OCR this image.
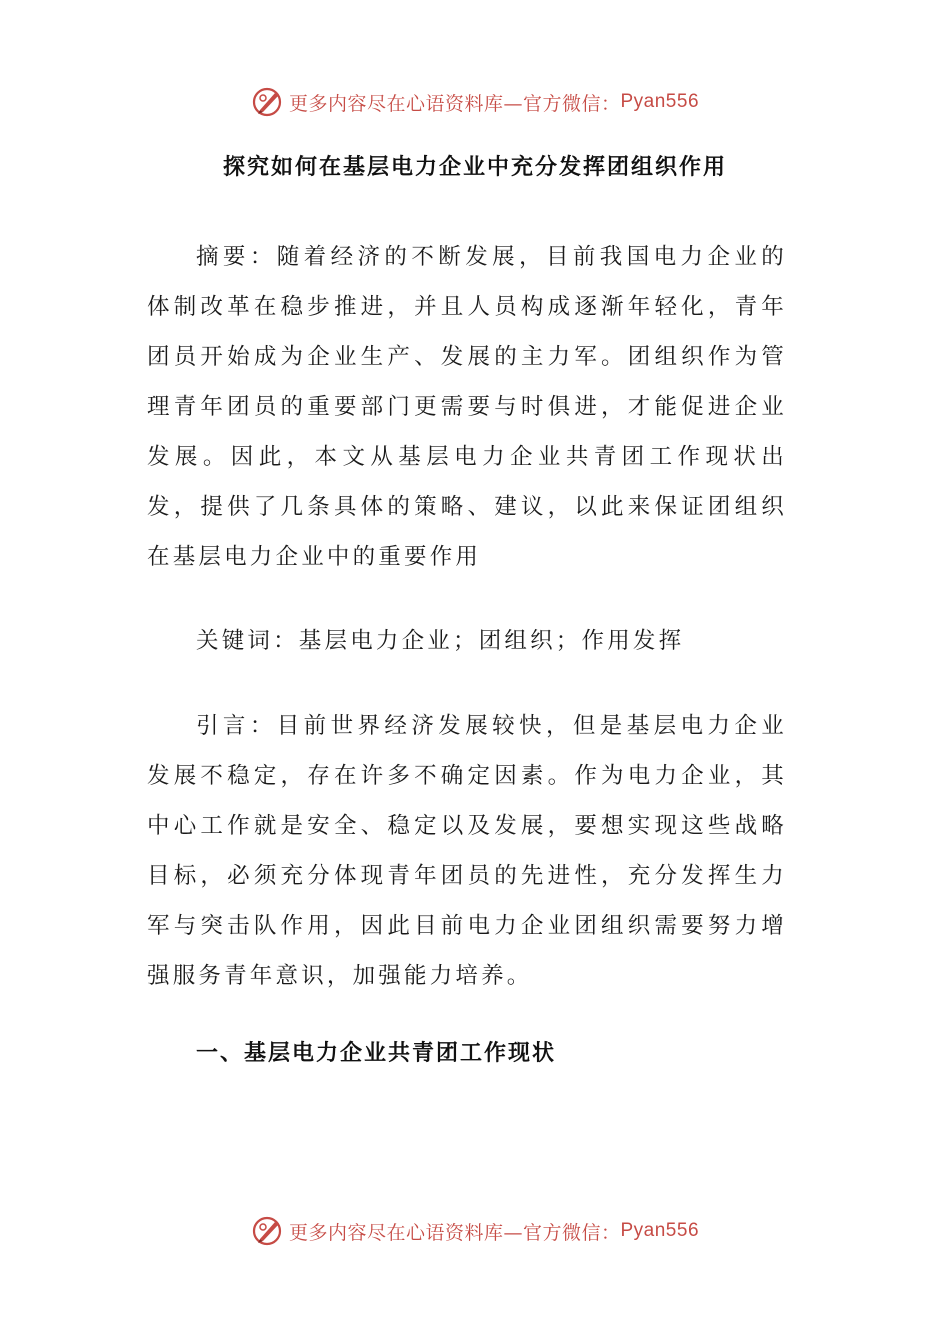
更多内容尽在心语资料库—官方微信： Pyan556
探究如何在基层电力企业中充分发挥团组织作用

摘要：随着经济的不断发展，目前我国电力企业的体制改革在稳步推进，并且人员构成逐渐年轻化，青年团员开始成为企业生产、发展的主力军。团组织作为管理青年团员的重要部门更需要与时俱进，才能促进企业发展。因此，本文从基层电力企业共青团工作现状出发，提供了几条具体的策略、建议，以此来保证团组织在基层电力企业中的重要作用

关键词：基层电力企业；团组织；作用发挥

引言：目前世界经济发展较快，但是基层电力企业发展不稳定，存在许多不确定因素。作为电力企业，其中心工作就是安全、稳定以及发展，要想实现这些战略目标，必须充分体现青年团员的先进性，充分发挥生力军与突击队作用，因此目前电力企业团组织需要努力增强服务青年意识，加强能力培养。

一、基层电力企业共青团工作现状
更多内容尽在心语资料库—官方微信： Pyan556
